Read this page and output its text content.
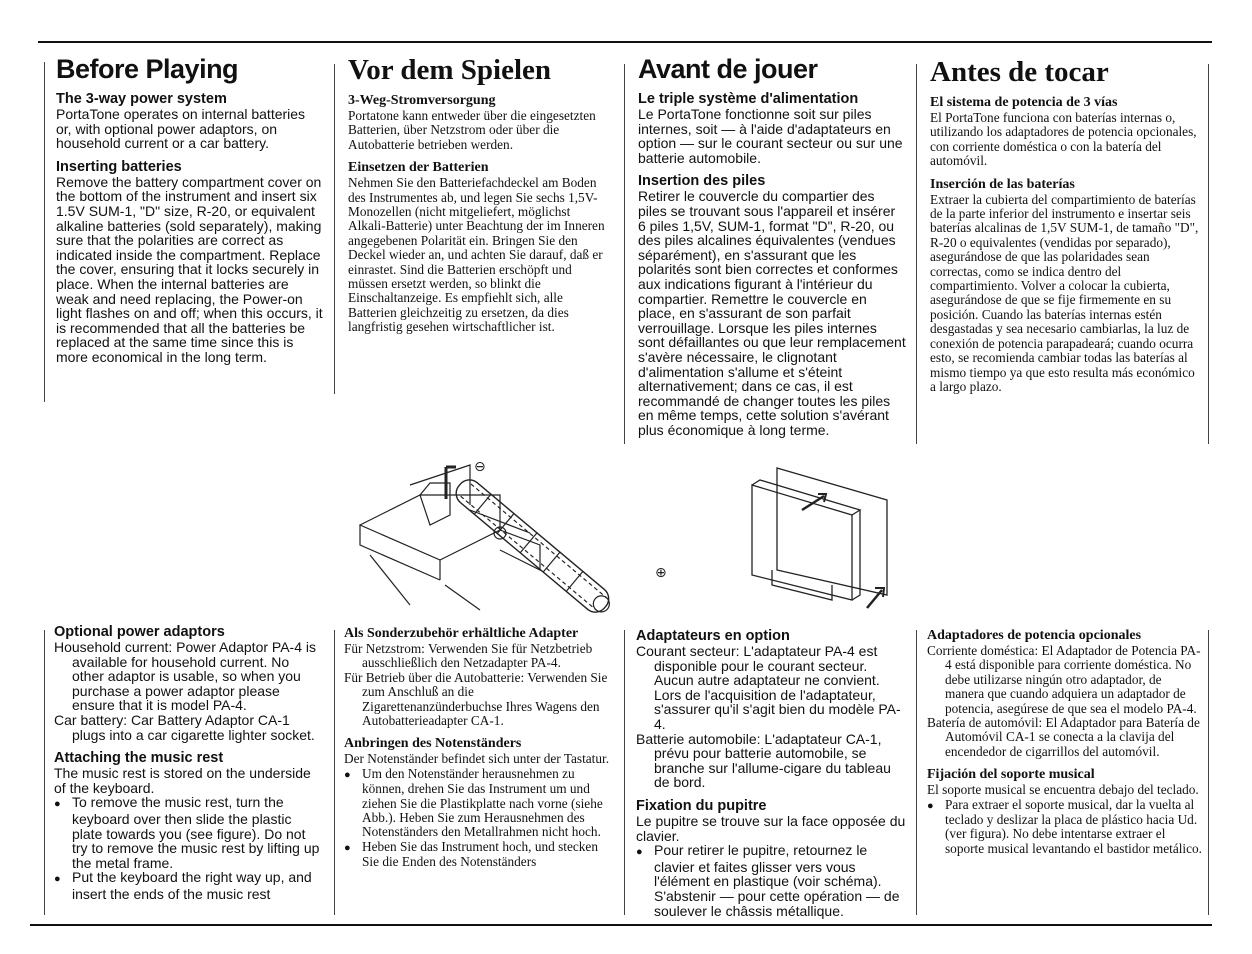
Before Playing

The 3-way power system

PortaTone operates on internal batteries or, with optional power adaptors, on household current or a car battery.

Inserting batteries

Remove the battery compartment cover on the bottom of the instrument and insert six 1.5V SUM-1, "D" size, R-20, or equivalent alkaline batteries (sold separately), making sure that the polarities are correct as indicated inside the compartment. Replace the cover, ensuring that it locks securely in place. When the internal batteries are weak and need replacing, the Power-on light flashes on and off; when this occurs, it is recommended that all the batteries be replaced at the same time since this is more economical in the long term.

Vor dem Spielen

3-Weg-Stromversorgung

Portatone kann entweder über die eingesetzten Batterien, über Netzstrom oder über die Autobatterie betrieben werden.

Einsetzen der Batterien

Nehmen Sie den Batteriefachdeckel am Boden des Instrumentes ab, und legen Sie sechs 1,5V-Monozellen (nicht mitgeliefert, möglichst Alkali-Batterie) unter Beachtung der im Inneren angegebenen Polarität ein. Bringen Sie den Deckel wieder an, und achten Sie darauf, daß er einrastet. Sind die Batterien erschöpft und müssen ersetzt werden, so blinkt die Einschaltanzeige. Es empfiehlt sich, alle Batterien gleichzeitig zu ersetzen, da dies langfristig gesehen wirtschaftlicher ist.

Avant de jouer

Le triple système d'alimentation

Le PortaTone fonctionne soit sur piles internes, soit — à l'aide d'adaptateurs en option — sur le courant secteur ou sur une batterie automobile.

Insertion des piles

Retirer le couvercle du compartier des piles se trouvant sous l'appareil et insérer 6 piles 1,5V, SUM-1, format "D", R-20, ou des piles alcalines équivalentes (vendues séparément), en s'assurant que les polarités sont bien correctes et conformes aux indications figurant à l'intérieur du compartier. Remettre le couvercle en place, en s'assurant de son parfait verrouillage. Lorsque les piles internes sont défaillantes ou que leur remplacement s'avère nécessaire, le clignotant d'alimentation s'allume et s'éteint alternativement; dans ce cas, il est recommandé de changer toutes les piles en même temps, cette solution s'avérant plus économique à long terme.

Antes de tocar

El sistema de potencia de 3 vías

El PortaTone funciona con baterías internas o, utilizando los adaptadores de potencia opcionales, con corriente doméstica o con la batería del automóvil.

Inserción de las baterías

Extraer la cubierta del compartimiento de baterías de la parte inferior del instrumento e insertar seis baterías alcalinas de 1,5V SUM-1, de tamaño "D", R-20 o equivalentes (vendidas por separado), asegurándose de que las polaridades sean correctas, como se indica dentro del compartimiento. Volver a colocar la cubierta, asegurándose de que se fije firmemente en su posición. Cuando las baterías internas estén desgastadas y sea necesario cambiarlas, la luz de conexión de potencia parapadeará; cuando ocurra esto, se recomienda cambiar todas las baterías al mismo tiempo ya que esto resulta más económico a largo plazo.

⊖
⊕

Optional power adaptors

Household current: Power Adaptor PA-4 is available for household current. No other adaptor is usable, so when you purchase a power adaptor please ensure that it is model PA-4.

Car battery: Car Battery Adaptor CA-1 plugs into a car cigarette lighter socket.

Attaching the music rest

The music rest is stored on the underside of the keyboard.

● To remove the music rest, turn the keyboard over then slide the plastic plate towards you (see figure). Do not try to remove the music rest by lifting up the metal frame.

● Put the keyboard the right way up, and insert the ends of the music rest

Als Sonderzubehör erhältliche Adapter

Für Netzstrom: Verwenden Sie für Netzbetrieb ausschließlich den Netzadapter PA-4.

Für Betrieb über die Autobatterie: Verwenden Sie zum Anschluß an die Zigarettenanzünderbuchse Ihres Wagens den Autobatterieadapter CA-1.

Anbringen des Notenständers

Der Notenständer befindet sich unter der Tastatur.

● Um den Notenständer herausnehmen zu können, drehen Sie das Instrument um und ziehen Sie die Plastikplatte nach vorne (siehe Abb.). Heben Sie zum Herausnehmen des Notenständers den Metallrahmen nicht hoch.

● Heben Sie das Instrument hoch, und stecken Sie die Enden des Notenständers

Adaptateurs en option

Courant secteur: L'adaptateur PA-4 est disponible pour le courant secteur. Aucun autre adaptateur ne convient. Lors de l'acquisition de l'adaptateur, s'assurer qu'il s'agit bien du modèle PA-4.

Batterie automobile: L'adaptateur CA-1, prévu pour batterie automobile, se branche sur l'allume-cigare du tableau de bord.

Fixation du pupitre

Le pupitre se trouve sur la face opposée du clavier.

● Pour retirer le pupitre, retournez le clavier et faites glisser vers vous l'élément en plastique (voir schéma). S'abstenir — pour cette opération — de soulever le châssis métallique.

Adaptadores de potencia opcionales

Corriente doméstica: El Adaptador de Potencia PA-4 está disponible para corriente doméstica. No debe utilizarse ningún otro adaptador, de manera que cuando adquiera un adaptador de potencia, asegúrese de que sea el modelo PA-4.

Batería de automóvil: El Adaptador para Batería de Automóvil CA-1 se conecta a la clavija del encendedor de cigarrillos del automóvil.

Fijación del soporte musical

El soporte musical se encuentra debajo del teclado.

● Para extraer el soporte musical, dar la vuelta al teclado y deslizar la placa de plástico hacia Ud. (ver figura). No debe intentarse extraer el soporte musical levantando el bastidor metálico.
